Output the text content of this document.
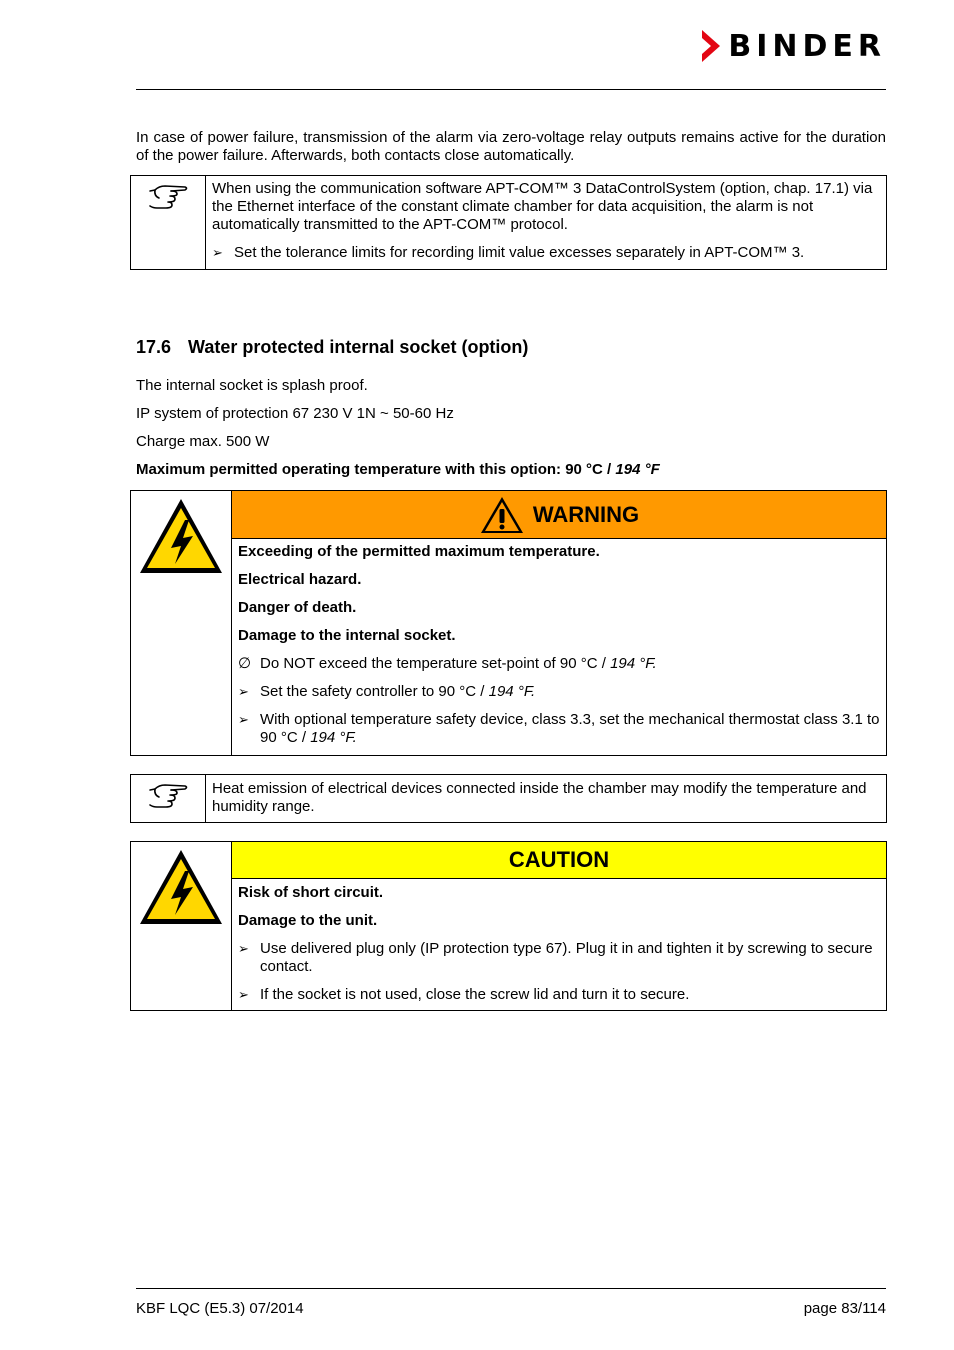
BINDER
In case of power failure, transmission of the alarm via zero-voltage relay outputs remains active for the duration of the power failure. Afterwards, both contacts close automatically.
When using the communication software APT-COM™ 3 DataControlSystem (option, chap. 17.1) via the Ethernet interface of the constant climate chamber for data acquisition, the alarm is not automatically transmitted to the APT-COM™ protocol.
➢ Set the tolerance limits for recording limit value excesses separately in APT-COM™ 3.
17.6 Water protected internal socket (option)
The internal socket is splash proof.
IP system of protection 67 230 V 1N ~ 50-60 Hz
Charge max. 500 W
Maximum permitted operating temperature with this option: 90 °C / 194 °F
WARNING
Exceeding of the permitted maximum temperature.
Electrical hazard.
Danger of death.
Damage to the internal socket.
∅ Do NOT exceed the temperature set-point of 90 °C / 194 °F.
➢ Set the safety controller to 90 °C / 194 °F.
➢ With optional temperature safety device, class 3.3, set the mechanical thermostat class 3.1 to 90 °C / 194 °F.
Heat emission of electrical devices connected inside the chamber may modify the temperature and humidity range.
CAUTION
Risk of short circuit.
Damage to the unit.
➢ Use delivered plug only (IP protection type 67). Plug it in and tighten it by screwing to secure contact.
➢ If the socket is not used, close the screw lid and turn it to secure.
KBF LQC (E5.3) 07/2014	page 83/114
